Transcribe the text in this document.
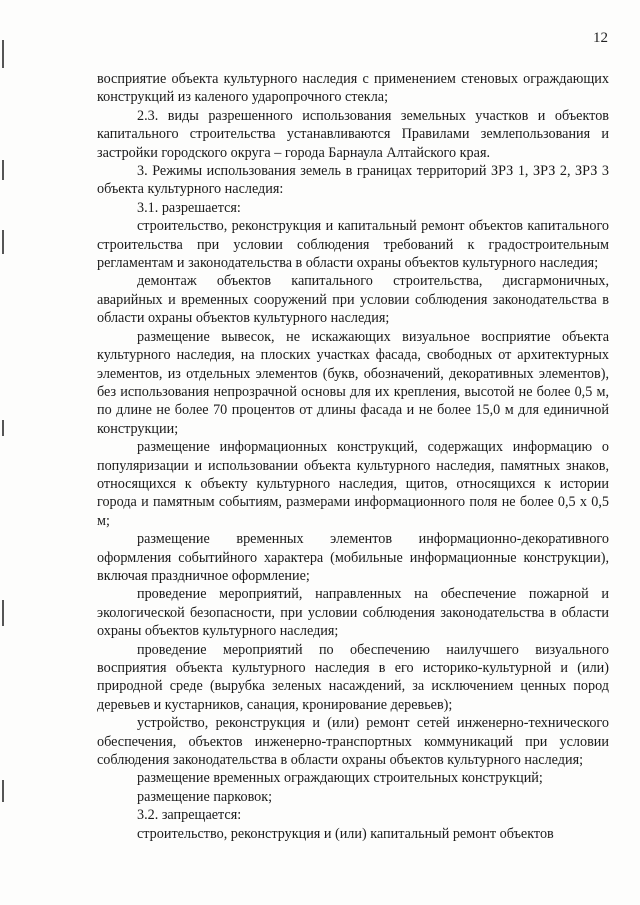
12

восприятие объекта культурного наследия с применением стеновых ограждающих конструкций из каленого ударопрочного стекла;

2.3. виды разрешенного использования земельных участков и объектов капитального строительства устанавливаются Правилами землепользования и застройки городского округа – города Барнаула Алтайского края.

3. Режимы использования земель в границах территорий ЗРЗ 1, ЗРЗ 2, ЗРЗ 3 объекта культурного наследия:

3.1. разрешается:

строительство, реконструкция и капитальный ремонт объектов капитального строительства при условии соблюдения требований к градостроительным регламентам и законодательства в области охраны объектов культурного наследия;

демонтаж объектов капитального строительства, дисгармоничных, аварийных и временных сооружений при условии соблюдения законодательства в области охраны объектов культурного наследия;

размещение вывесок, не искажающих визуальное восприятие объекта культурного наследия, на плоских участках фасада, свободных от архитектурных элементов, из отдельных элементов (букв, обозначений, декоративных элементов), без использования непрозрачной основы для их крепления, высотой не более 0,5 м, по длине не более 70 процентов от длины фасада и не более 15,0 м для единичной конструкции;

размещение информационных конструкций, содержащих информацию о популяризации и использовании объекта культурного наследия, памятных знаков, относящихся к объекту культурного наследия, щитов, относящихся к истории города и памятным событиям, размерами информационного поля не более 0,5 х 0,5 м;

размещение временных элементов информационно-декоративного оформления событийного характера (мобильные информационные конструкции), включая праздничное оформление;

проведение мероприятий, направленных на обеспечение пожарной и экологической безопасности, при условии соблюдения законодательства в области охраны объектов культурного наследия;

проведение мероприятий по обеспечению наилучшего визуального восприятия объекта культурного наследия в его историко-культурной и (или) природной среде (вырубка зеленых насаждений, за исключением ценных пород деревьев и кустарников, санация, кронирование деревьев);

устройство, реконструкция и (или) ремонт сетей инженерно-технического обеспечения, объектов инженерно-транспортных коммуникаций при условии соблюдения законодательства в области охраны объектов культурного наследия;

размещение временных ограждающих строительных конструкций;

размещение парковок;

3.2. запрещается:

строительство, реконструкция и (или) капитальный ремонт объектов
